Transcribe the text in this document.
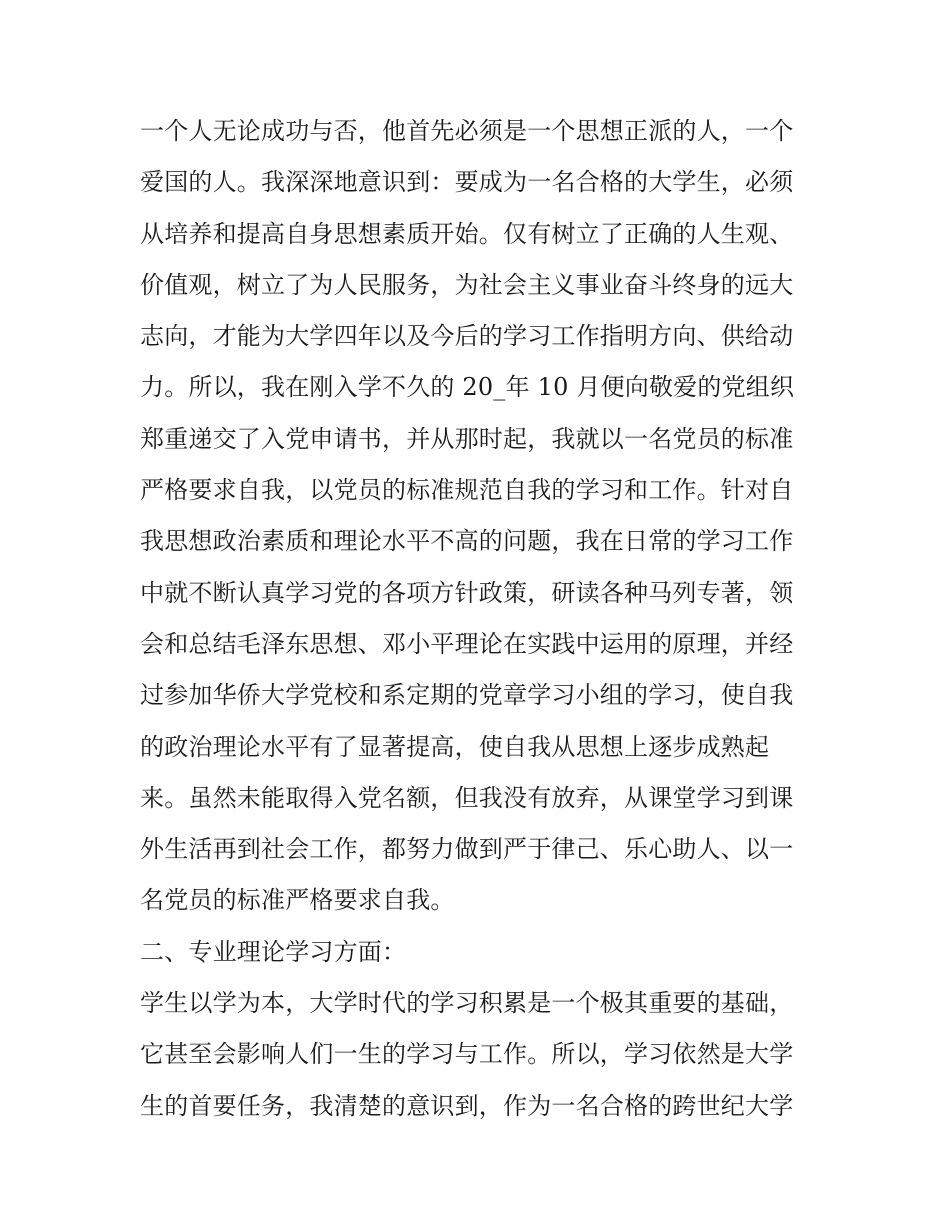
一个人无论成功与否，他首先必须是一个思想正派的人，一个
爱国的人。我深深地意识到：要成为一名合格的大学生，必须
从培养和提高自身思想素质开始。仅有树立了正确的人生观、
价值观，树立了为人民服务，为社会主义事业奋斗终身的远大
志向，才能为大学四年以及今后的学习工作指明方向、供给动
力。所以，我在刚入学不久的 20_年 10 月便向敬爱的党组织
郑重递交了入党申请书，并从那时起，我就以一名党员的标准
严格要求自我，以党员的标准规范自我的学习和工作。针对自
我思想政治素质和理论水平不高的问题，我在日常的学习工作
中就不断认真学习党的各项方针政策，研读各种马列专著，领
会和总结毛泽东思想、邓小平理论在实践中运用的原理，并经
过参加华侨大学党校和系定期的党章学习小组的学习，使自我
的政治理论水平有了显著提高，使自我从思想上逐步成熟起
来。虽然未能取得入党名额，但我没有放弃，从课堂学习到课
外生活再到社会工作，都努力做到严于律己、乐心助人、以一
名党员的标准严格要求自我。
二、专业理论学习方面：
学生以学为本，大学时代的学习积累是一个极其重要的基础，
它甚至会影响人们一生的学习与工作。所以，学习依然是大学
生的首要任务，我清楚的意识到，作为一名合格的跨世纪大学
